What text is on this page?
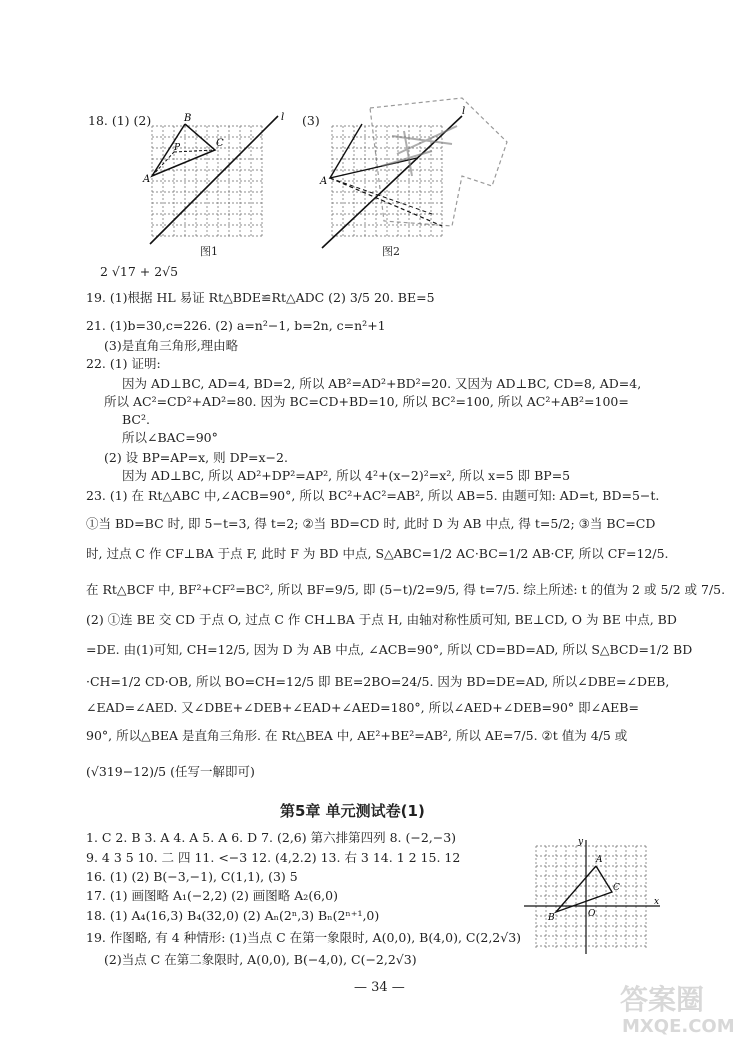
18. (1) (2)	(3)
B
C
P
A
l
图1
A
l
图2
2 √17 + 2√5
19. (1)根据 HL 易证 Rt△BDE≌Rt△ADC (2) 3/5 20. BE=5
21. (1)b=30,c=226. (2) a=n²−1, b=2n, c=n²+1
(3)是直角三角形,理由略
22. (1) 证明:
因为 AD⊥BC, AD=4, BD=2, 所以 AB²=AD²+BD²=20. 又因为 AD⊥BC, CD=8, AD=4,
所以 AC²=CD²+AD²=80. 因为 BC=CD+BD=10, 所以 BC²=100, 所以 AC²+AB²=100=
BC².
所以∠BAC=90°
(2) 设 BP=AP=x, 则 DP=x−2.
因为 AD⊥BC, 所以 AD²+DP²=AP², 所以 4²+(x−2)²=x², 所以 x=5 即 BP=5
23. (1) 在 Rt△ABC 中,∠ACB=90°, 所以 BC²+AC²=AB², 所以 AB=5. 由题可知: AD=t, BD=5−t.
①当 BD=BC 时, 即 5−t=3, 得 t=2; ②当 BD=CD 时, 此时 D 为 AB 中点, 得 t=5/2; ③当 BC=CD
时, 过点 C 作 CF⊥BA 于点 F, 此时 F 为 BD 中点, S△ABC=1/2 AC·BC=1/2 AB·CF, 所以 CF=12/5.
在 Rt△BCF 中, BF²+CF²=BC², 所以 BF=9/5, 即 (5−t)/2=9/5, 得 t=7/5. 综上所述: t 的值为 2 或 5/2 或 7/5.
(2) ①连 BE 交 CD 于点 O, 过点 C 作 CH⊥BA 于点 H, 由轴对称性质可知, BE⊥CD, O 为 BE 中点, BD
=DE. 由(1)可知, CH=12/5, 因为 D 为 AB 中点, ∠ACB=90°, 所以 CD=BD=AD, 所以 S△BCD=1/2 BD
·CH=1/2 CD·OB, 所以 BO=CH=12/5 即 BE=2BO=24/5. 因为 BD=DE=AD, 所以∠DBE=∠DEB,
∠EAD=∠AED. 又∠DBE+∠DEB+∠EAD+∠AED=180°, 所以∠AED+∠DEB=90° 即∠AEB=
90°, 所以△BEA 是直角三角形. 在 Rt△BEA 中, AE²+BE²=AB², 所以 AE=7/5. ②t 值为 4/5 或
(√319−12)/5 (任写一解即可)
第5章 单元测试卷(1)
1. C 2. B 3. A 4. A 5. A 6. D 7. (2,6) 第六排第四列 8. (−2,−3)
9. 4 3 5 10. 二 四 11. <−3 12. (4,2.2) 13. 右 3 14. 1 2 15. 12
16. (1) (2) B(−3,−1), C(1,1), (3) 5
17. (1) 画图略 A₁(−2,2) (2) 画图略 A₂(6,0)
18. (1) A₄(16,3) B₄(32,0) (2) Aₙ(2ⁿ,3) Bₙ(2ⁿ⁺¹,0)
19. 作图略, 有 4 种情形: (1)当点 C 在第一象限时, A(0,0), B(4,0), C(2,2√3)
(2)当点 C 在第二象限时, A(0,0), B(−4,0), C(−2,2√3)
y
A
C
B	O
x
— 34 —	答案圈
MXQE.COM
